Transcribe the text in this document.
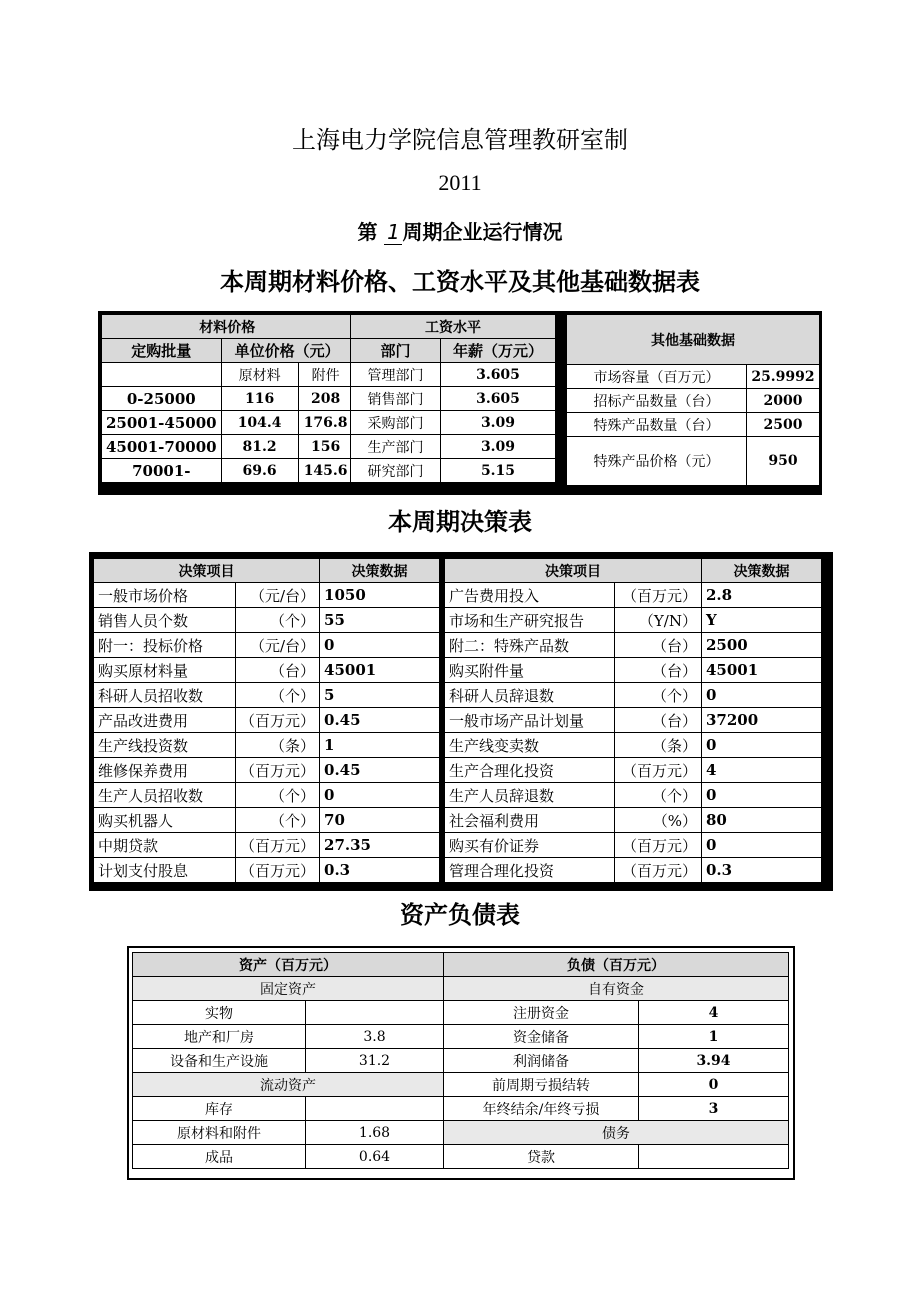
上海电力学院信息管理教研室制
2011
第 1 周期企业运行情况
本周期材料价格、工资水平及其他基础数据表
材料价格		
定购批量	单位价格（元）	
	原材料	附件
0-25000	116	208
25001-45000	104.4	176.8
45001-70000	81.2	156
70001-	69.6	145.6
工资水平	
部门	年薪（万元）
管理部门	3.605
销售部门	3.605
采购部门	3.09
生产部门	3.09
研究部门	5.15
其他基础数据	
市场容量（百万元）	25.9992
招标产品数量（台）	2000
特殊产品数量（台）	2500
特殊产品价格（元）	950
本周期决策表
决策项目		决策数据
一般市场价格	（元/台）	1050
销售人员个数	（个）	55
附一：投标价格	（元/台）	0
购买原材料量	（台）	45001
科研人员招收数	（个）	5
产品改进费用	（百万元）	0.45
生产线投资数	（条）	1
维修保养费用	（百万元）	0.45
生产人员招收数	（个）	0
购买机器人	（个）	70
中期贷款	（百万元）	27.35
计划支付股息	（百万元）	0.3
决策项目		决策数据
广告费用投入	（百万元）	2.8
市场和生产研究报告	（Y/N）	Y
附二：特殊产品数	（台）	2500
购买附件量	（台）	45001
科研人员辞退数	（个）	0
一般市场产品计划量	（台）	37200
生产线变卖数	（条）	0
生产合理化投资	（百万元）	4
生产人员辞退数	（个）	0
社会福利费用	（%）	80
购买有价证券	（百万元）	0
管理合理化投资	（百万元）	0.3
资产负债表
资产（百万元）		负债（百万元）	
固定资产		自有资金	
实物		注册资金	4
地产和厂房	3.8	资金储备	1
设备和生产设施	31.2	利润储备	3.94
流动资产		前周期亏损结转	0
库存		年终结余/年终亏损	3
原材料和附件	1.68	债务	
成品	0.64	贷款	
